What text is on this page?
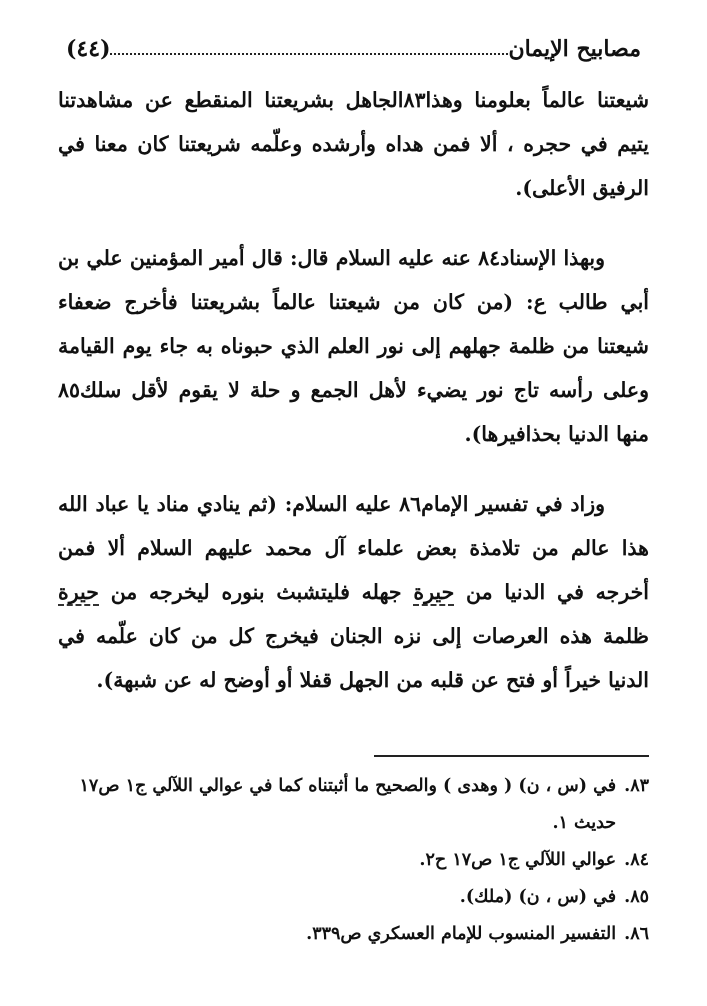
مصابيح الإيمان
(٤٤)

شيعتنا عالماً بعلومنا وهذا٨٣الجاهل بشريعتنا المنقطع عن مشاهدتنا يتيم في حجره ، ألا فمن هداه وأرشده وعلّمه شريعتنا كان معنا في الرفيق الأعلى).

وبهذا الإسناد٨٤ عنه عليه السلام قال: قال أمير المؤمنين علي بن أبي طالب ع: (من كان من شيعتنا عالماً بشريعتنا فأخرج ضعفاء شيعتنا من ظلمة جهلهم إلى نور العلم الذي حبوناه به جاء يوم القيامة وعلى رأسه تاج نور يضيء لأهل الجمع و حلة لا يقوم لأقل سلك٨٥ منها الدنيا بحذافيرها).

وزاد في تفسير الإمام٨٦ عليه السلام: (ثم ينادي مناد يا عباد الله هذا عالم من تلامذة بعض علماء آل محمد عليهم السلام ألا فمن أخرجه في الدنيا من حيرة جهله فليتشبث بنوره ليخرجه من حيرة ظلمة هذه العرصات إلى نزه الجنان فيخرج كل من كان علّمه في الدنيا خيراً أو فتح عن قلبه من الجهل قفلا أو أوضح له عن شبهة).

٨٣.
في (س ، ن) ( وهدى ) والصحيح ما أثبتناه كما في عوالي اللآلي ج١ ص١٧ حديث ١.
٨٤.
عوالي اللآلي ج١ ص١٧ ح٢.
٨٥.
في (س ، ن) (ملك).
٨٦.
التفسير المنسوب للإمام العسكري ص٣٣٩.
